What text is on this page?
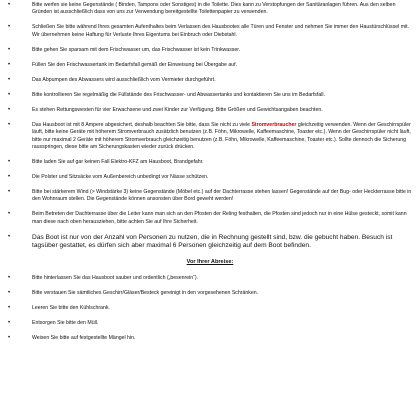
•	Bitte werfen sie keine Gegenstände ( Binden, Tampons oder Sonstiges) in die Toilette. Dies kann zu Verstopfungen der Sanitäranlagen führen. Aus den selben Gründen ist ausschließlich dass von uns zur Verwendung bereitgestellte Toilettenpapier zu verwenden.
•	Schließen Sie bitte während Ihres gesamten Aufenthaltes beim Verlassen des Hausbootes alle Türen und Fenster und nehmen Sie immer den Haustürschlüssel mit. Wir übernehmen keine Haftung für Verluste Ihres Eigentums bei Einbruch oder Diebstahl.
•	Bitte gehen Sie sparsam mit dem Frischwasser um, das Frischwasser ist kein Trinkwasser.
•	Füllen Sie den Frischwassertank im Bedarfsfall gemäß der Einweisung bei Übergabe auf.
•	Das Abpumpen des Abwassers wird ausschließlich vom Vermieter durchgeführt.
•	Bitte kontrollieren Sie regelmäßig die Füllstände des Frischwasser- und Abwassertanks und kontaktieren Sie uns im Bedarfsfall.
•	Es stehen Rettungswesten für vier Erwachsene und zwei Kinder zur Verfügung. Bitte Größen und Gewichtsangaben beachten.
•	Das Hausboot ist mit 8 Ampere abgesichert, deshalb beachten Sie bitte, dass Sie nicht zu viele Stromverbraucher gleichzeitig verwenden. Wenn der Geschirrspüler läuft, bitte keine Geräte mit höherem Stromverbrauch zusätzlich benutzen (z.B. Föhn, Mikrowelle, Kaffeemaschine, Toaster etc.). Wenn der Geschirrspüler nicht läuft, bitte nur maximal 2 Geräte mit höherem Stromverbrauch gleichzeitig benutzen (z.B. Föhn, Mikrowelle, Kaffeemaschine, Toaster etc.). Sollte dennoch die Sicherung rausspringen, diese bitte am Sicherungskasten wieder zurück drücken.
•	Bitte laden Sie auf gar keinen Fall Elektro-KFZ am Hausboot, Brandgefahr.
•	Die Polster und Sitzsäcke vom Außenbereich unbedingt vor Nässe schützen.
•	Bitte bei stärkerem Wind (> Windstärke 3) keine Gegenstände (Möbel etc.) auf der Dachterrasse stehen lassen! Gegenstände auf der Bug- oder Heckterrasse bitte in den Wohnraum stellen. Die Gegenstände können ansonsten über Bord geweht werden!
•	Beim Betreten der Dachterrasse über die Leiter kann man sich an den Pfosten der Reling festhalten, die Pfosten sind jedoch nur in eine Hülse gesteckt, somit kann man diese nach oben herausziehen, bitte achten Sie auf Ihre Sicherheit.
•	Das Boot ist nur von der Anzahl von Personen zu nutzen, die in Rechnung gestellt sind, bzw. die gebucht haben. Besuch ist tagsüber gestattet, es dürfen sich aber maximal 6 Personen gleichzeitig auf dem Boot befinden.
Vor Ihrer Abreise:
•	Bitte hinterlassen Sie das Hausboot sauber und ordentlich („besenrein“).
•	Bitte verstauen Sie sämtliches Geschirr/Gläser/Besteck gereinigt in den vorgesehenen Schränken.
•	Leeren Sie bitte den Kühlschrank.
•	Entsorgen Sie bitte den Müll.
•	Weisen Sie bitte auf festgestellte Mängel hin.
